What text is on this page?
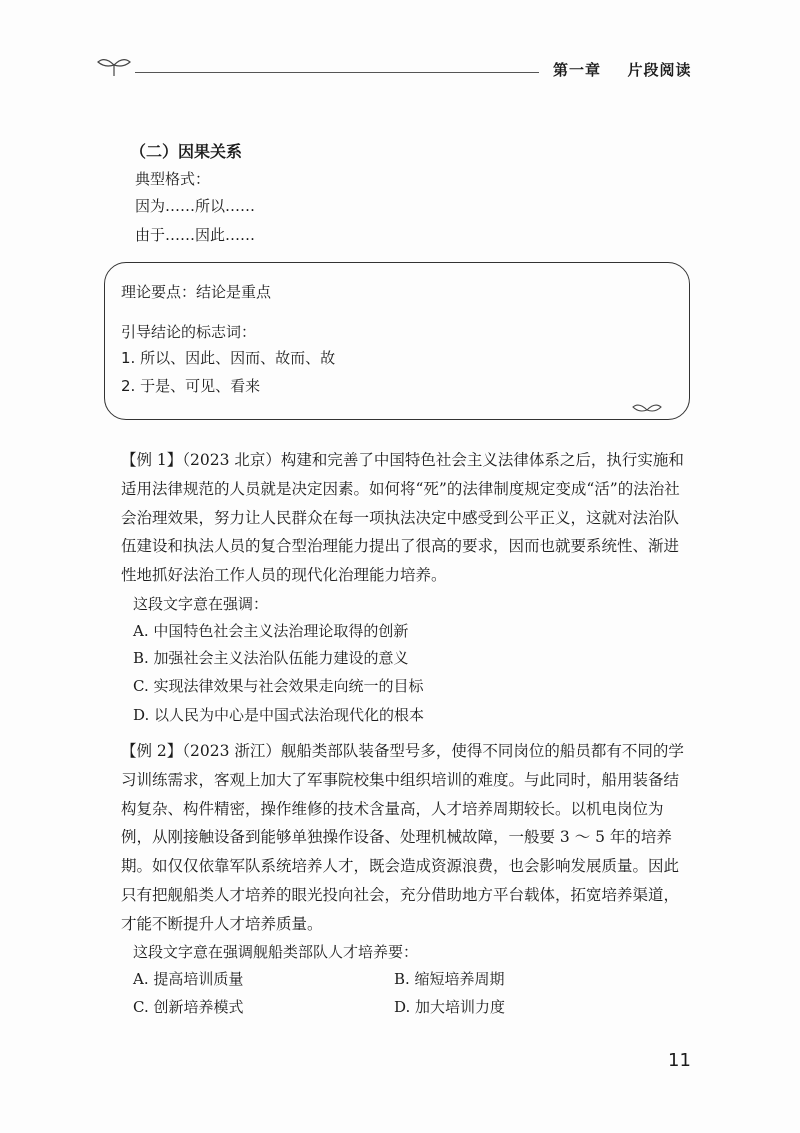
第一章 片段阅读
（二）因果关系
典型格式：
因为……所以……
由于……因此……
理论要点：结论是重点
引导结论的标志词：
1. 所以、因此、因而、故而、故
2. 于是、可见、看来

【例 1】（2023 北京）构建和完善了中国特色社会主义法律体系之后，执行实施和适用法律规范的人员就是决定因素。如何将“死”的法律制度规定变成“活”的法治社会治理效果，努力让人民群众在每一项执法决定中感受到公平正义，这就对法治队伍建设和执法人员的复合型治理能力提出了很高的要求，因而也就要系统性、渐进性地抓好法治工作人员的现代化治理能力培养。

这段文字意在强调：
A. 中国特色社会主义法治理论取得的创新
B. 加强社会主义法治队伍能力建设的意义
C. 实现法律效果与社会效果走向统一的目标
D. 以人民为中心是中国式法治现代化的根本

【例 2】（2023 浙江）舰船类部队装备型号多，使得不同岗位的船员都有不同的学习训练需求，客观上加大了军事院校集中组织培训的难度。与此同时，船用装备结构复杂、构件精密，操作维修的技术含量高，人才培养周期较长。以机电岗位为例，从刚接触设备到能够单独操作设备、处理机械故障，一般要 3 ～ 5 年的培养期。如仅仅依靠军队系统培养人才，既会造成资源浪费，也会影响发展质量。因此只有把舰船类人才培养的眼光投向社会，充分借助地方平台载体，拓宽培养渠道，才能不断提升人才培养质量。

这段文字意在强调舰船类部队人才培养要：
A. 提高培训质量	B. 缩短培养周期
C. 创新培养模式	D. 加大培训力度
11
